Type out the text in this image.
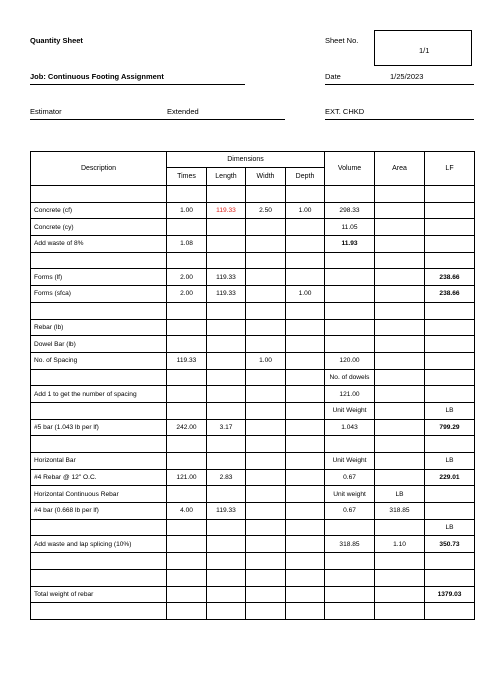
Quantity Sheet	Sheet No.
1/1
Job: Continuous Footing Assignment	Date	1/25/2023
Estimator	Extended	EXT. CHKD
Description	Dimensions				Volume	Area	LF
	Times	Length	Width	Depth			

Concrete (cf)	1.00	119.33	2.50	1.00	298.33		
Concrete (cy)					11.05		
Add waste of 8%	1.08				11.93		

Forms (lf)	2.00	119.33					238.66
Forms (sfca)	2.00	119.33		1.00			238.66

Rebar (lb)							
Dowel Bar (lb)							
No. of Spacing	119.33		1.00		120.00		
					No. of dowels		
Add 1 to get the number of spacing					121.00		
					Unit Weight		LB
#5 bar (1.043 lb per lf)	242.00	3.17			1.043		799.29

Horizontal Bar					Unit Weight		LB
#4 Rebar @ 12" O.C.	121.00	2.83			0.67		229.01
Horizontal Continuous Rebar					Unit weight	LB	
#4 bar (0.668 lb per lf)	4.00	119.33			0.67	318.85	
							LB
Add waste and lap splicing (10%)					318.85	1.10	350.73

Total weight of rebar							1379.03
